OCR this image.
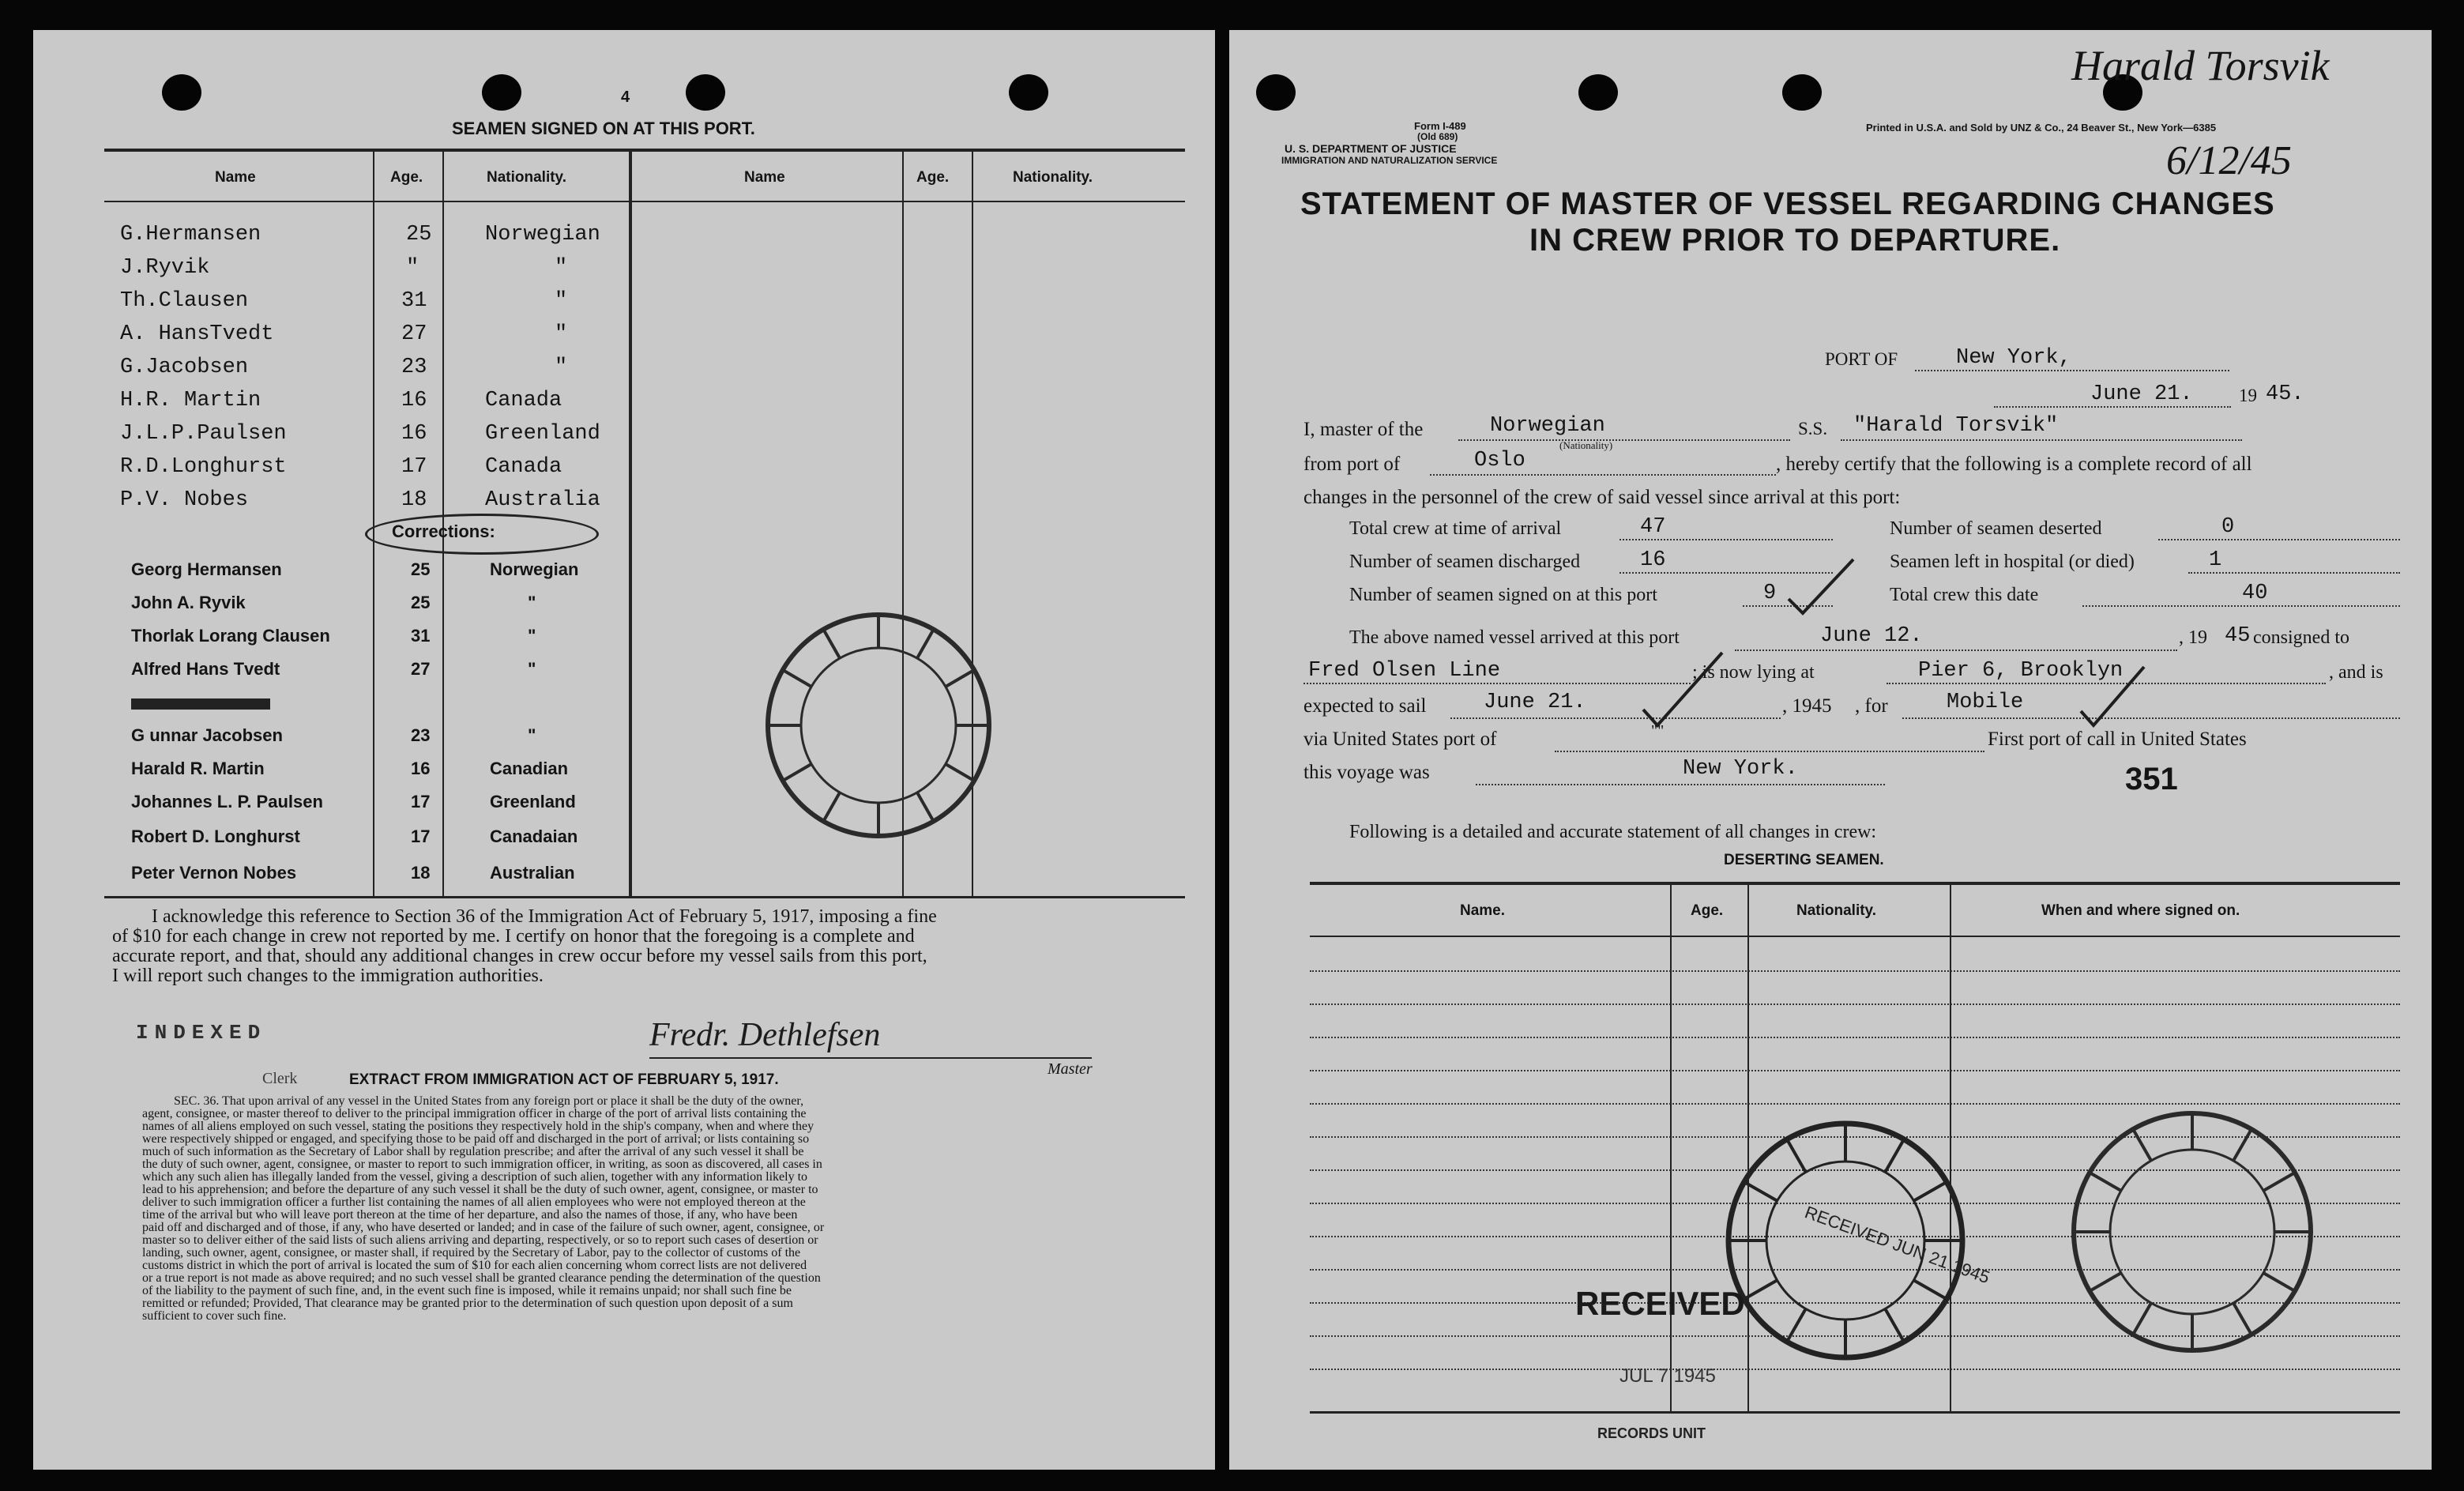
4
SEAMEN SIGNED ON AT THIS PORT.
Name	Age.	Nationality.	Name	Age.	Nationality.
G.Hermansen	25	Norwegian
J.Ryvik	"	"
Th.Clausen	31	"
A. HansTvedt	27	"
G.Jacobsen	23	"
H.R. Martin	16	Canada
J.L.P.Paulsen	16	Greenland
R.D.Longhurst	17	Canada
P.V. Nobes	18	Australia
Corrections:
Georg Hermansen	25	Norwegian
John A. Ryvik	25	"
Thorlak Lorang Clausen	31	"
Alfred Hans Tvedt	27	"
G unnar Jacobsen	23	"
Harald R. Martin	16	Canadian
Johannes L. P. Paulsen	17	Greenland
Robert D. Longhurst	17	Canadaian
Peter Vernon Nobes	18	Australian
I acknowledge this reference to Section 36 of the Immigration Act of February 5, 1917, imposing a fine
of $10 for each change in crew not reported by me. I certify on honor that the foregoing is a complete and
accurate report, and that, should any additional changes in crew occur before my vessel sails from this port,
I will report such changes to the immigration authorities.
INDEXED	Fredr. Dethlefsen
Master
Clerk	EXTRACT FROM IMMIGRATION ACT OF FEBRUARY 5, 1917.
SEC. 36. That upon arrival of any vessel in the United States from any foreign port or place it shall be the duty of the owner,
agent, consignee, or master thereof to deliver to the principal immigration officer in charge of the port of arrival lists containing the
names of all aliens employed on such vessel, stating the positions they respectively hold in the ship's company, when and where they
were respectively shipped or engaged, and specifying those to be paid off and discharged in the port of arrival; or lists containing so
much of such information as the Secretary of Labor shall by regulation prescribe; and after the arrival of any such vessel it shall be
the duty of such owner, agent, consignee, or master to report to such immigration officer, in writing, as soon as discovered, all cases in
which any such alien has illegally landed from the vessel, giving a description of such alien, together with any information likely to
lead to his apprehension; and before the departure of any such vessel it shall be the duty of such owner, agent, consignee, or master to
deliver to such immigration officer a further list containing the names of all alien employees who were not employed thereon at the
time of the arrival but who will leave port thereon at the time of her departure, and also the names of those, if any, who have been
paid off and discharged and of those, if any, who have deserted or landed; and in case of the failure of such owner, agent, consignee, or
master so to deliver either of the said lists of such aliens arriving and departing, respectively, or so to report such cases of desertion or
landing, such owner, agent, consignee, or master shall, if required by the Secretary of Labor, pay to the collector of customs of the
customs district in which the port of arrival is located the sum of $10 for each alien concerning whom correct lists are not delivered
or a true report is not made as above required; and no such vessel shall be granted clearance pending the determination of the question
of the liability to the payment of such fine, and, in the event such fine is imposed, while it remains unpaid; nor shall such fine be
remitted or refunded; Provided, That clearance may be granted prior to the determination of such question upon deposit of a sum
sufficient to cover such fine.
Form I-489
(Old 689)
U. S. DEPARTMENT OF JUSTICE
IMMIGRATION AND NATURALIZATION SERVICE
Printed in U.S.A. and Sold by UNZ & Co., 24 Beaver St., New York—6385
Harald Torsvik
6/12/45
STATEMENT OF MASTER OF VESSEL REGARDING CHANGES
IN CREW PRIOR TO DEPARTURE.
PORT OF	New York,
June 21.	19 45.
I, master of the	Norwegian
(Nationality)
S.S. "Harald Torsvik"
from port of	Oslo	, hereby certify that the following is a complete record of all
changes in the personnel of the crew of said vessel since arrival at this port:
Total crew at time of arrival	47	Number of seamen deserted	0
Number of seamen discharged	16	Seamen left in hospital (or died)	1
Number of seamen signed on at this port	9	Total crew this date	40
The above named vessel arrived at this port	June 12.	, 19 45 consigned to
Fred Olsen Line	; is now lying at	Pier 6, Brooklyn	, and is
expected to sail	June 21.	, 1945 , for	Mobile
via United States port of	""	First port of call in United States
this voyage was	New York.	351
Following is a detailed and accurate statement of all changes in crew:
DESERTING SEAMEN.
Name.	Age.	Nationality.	When and where signed on.
RECEIVED JUN 21 1945
RECEIVED
JUL 7 1945
RECORDS UNIT
